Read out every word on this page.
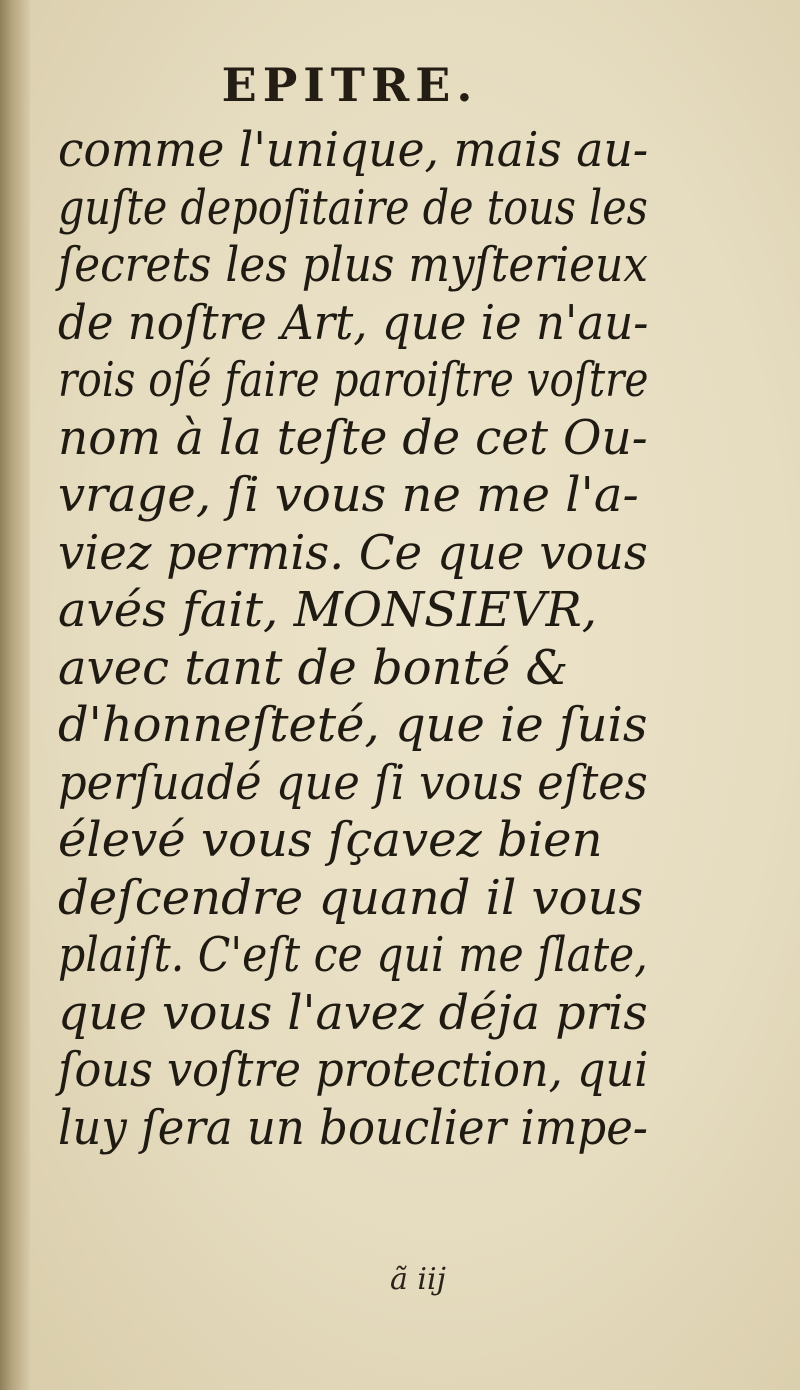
EPITRE.
comme l'unique, mais au-
guſte depoſitaire de tous les
ſecrets les plus myſterieux
de noſtre Art, que ie n'au-
rois oſé faire paroiſtre voſtre
nom à la teſte de cet Ou-
vrage, ſi vous ne me l'a-
viez permis. Ce que vous
avés fait, MONSIEVR,
avec tant de bonté &
d'honneſteté, que ie ſuis
perſuadé que ſi vous eſtes
élevé vous ſçavez bien
deſcendre quand il vous
plaiſt. C'eſt ce qui me ſlate,
que vous l'avez déja pris
ſous voſtre protection, qui
luy ſera un bouclier impe-
ã iij
